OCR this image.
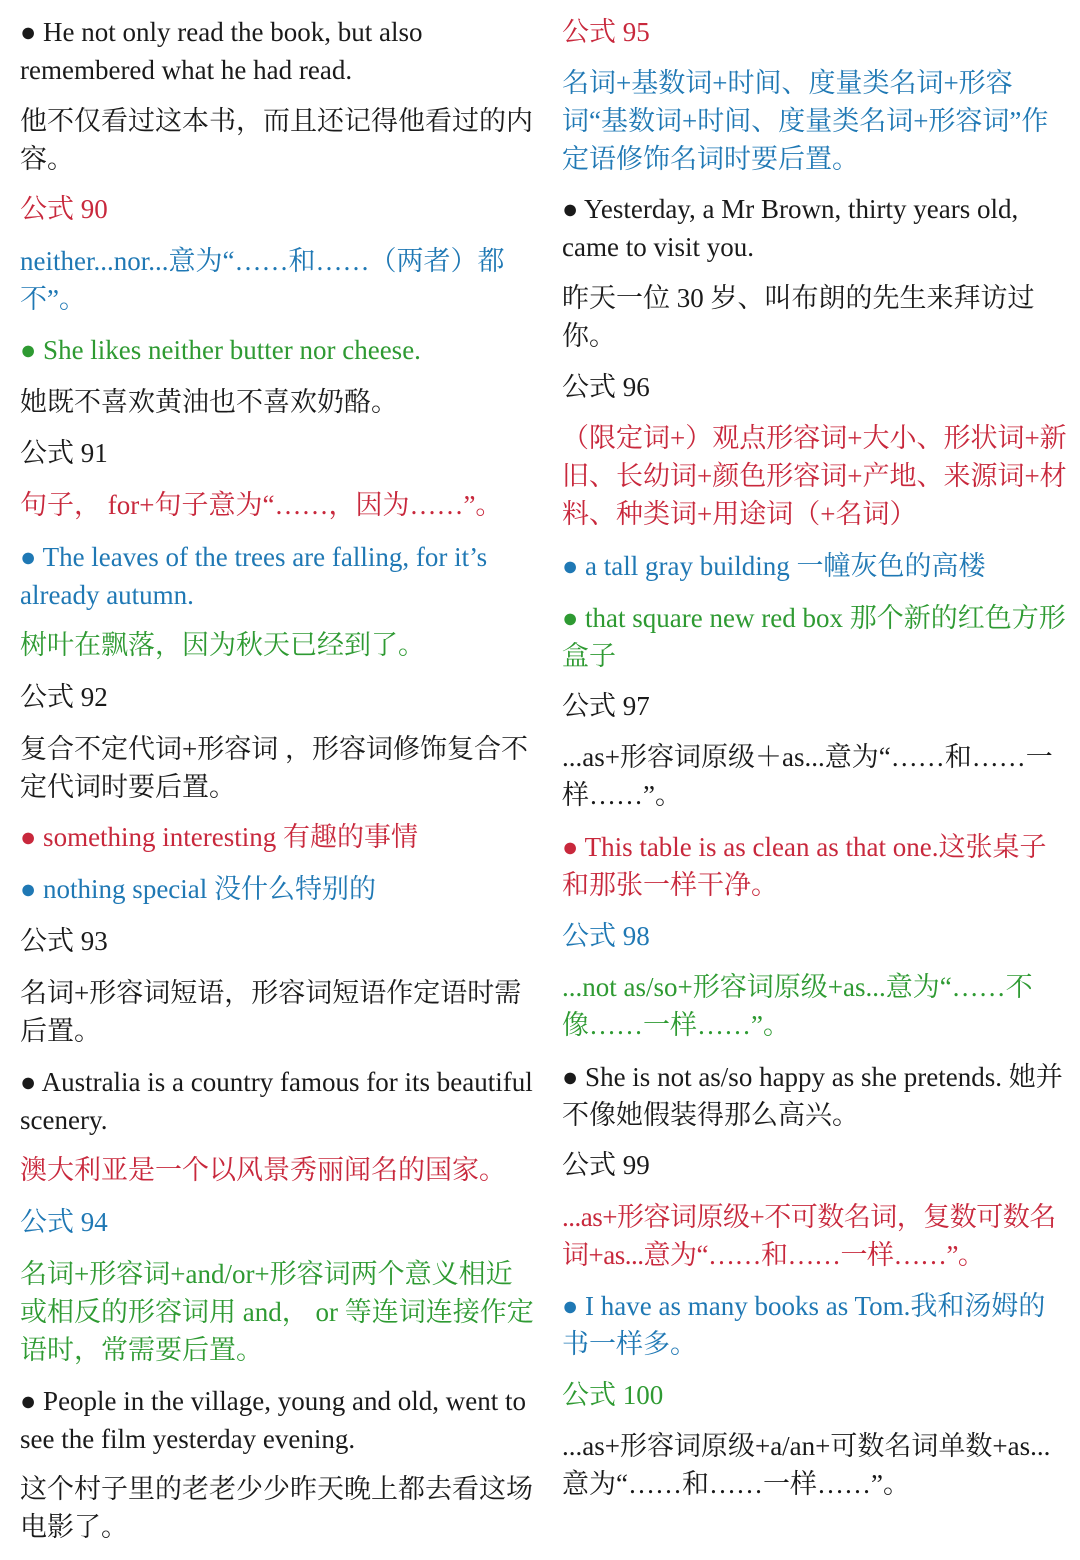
● He not only read the book, but also remembered what he had read.

他不仅看过这本书，而且还记得他看过的内容。

公式 90

neither...nor...意为“……和……（两者）都不”。

● She likes neither butter nor cheese.

她既不喜欢黄油也不喜欢奶酪。

公式 91

句子， for+句子意为“……，因为……”。

● The leaves of the trees are falling, for it’s already autumn.

树叶在飘落，因为秋天已经到了。

公式 92

复合不定代词+形容词 ，形容词修饰复合不定代词时要后置。

● something interesting 有趣的事情

● nothing special 没什么特别的

公式 93

名词+形容词短语，形容词短语作定语时需后置。

● Australia is a country famous for its beautiful scenery.

澳大利亚是一个以风景秀丽闻名的国家。

公式 94

名词+形容词+and/or+形容词两个意义相近或相反的形容词用 and， or 等连词连接作定语时，常需要后置。

● People in the village, young and old, went to see the film yesterday evening.

这个村子里的老老少少昨天晚上都去看这场电影了。

公式 95

名词+基数词+时间、度量类名词+形容词“基数词+时间、度量类名词+形容词”作定语修饰名词时要后置。

● Yesterday, a Mr Brown, thirty years old, came to visit you.

昨天一位 30 岁、叫布朗的先生来拜访过你。

公式 96

（限定词+）观点形容词+大小、形状词+新旧、长幼词+颜色形容词+产地、来源词+材料、种类词+用途词（+名词）

● a tall gray building 一幢灰色的高楼

● that square new red box 那个新的红色方形盒子

公式 97

...as+形容词原级＋as...意为“……和……一样……”。

● This table is as clean as that one.这张桌子和那张一样干净。

公式 98

...not as/so+形容词原级+as...意为“……不像……一样……”。

● She is not as/so happy as she pretends. 她并不像她假装得那么高兴。

公式 99

...as+形容词原级+不可数名词，复数可数名词+as...意为“……和……一样……”。

● I have as many books as Tom.我和汤姆的书一样多。

公式 100

...as+形容词原级+a/an+可数名词单数+as...意为“……和……一样……”。
